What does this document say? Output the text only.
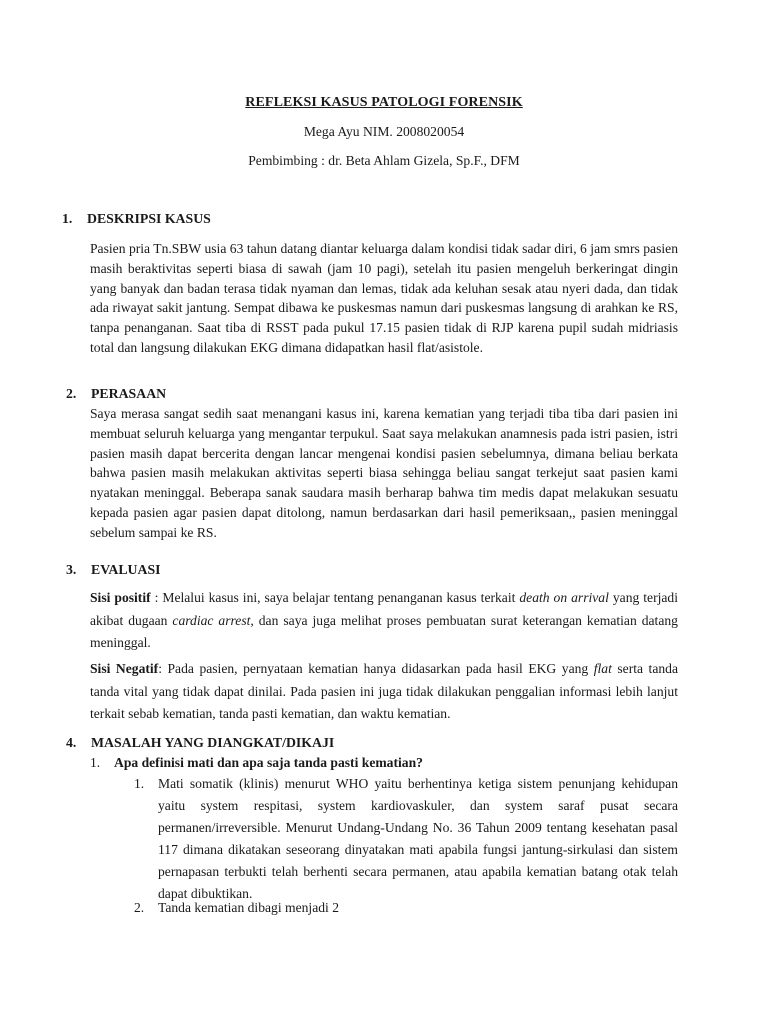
REFLEKSI KASUS PATOLOGI FORENSIK
Mega Ayu NIM. 2008020054
Pembimbing : dr. Beta Ahlam Gizela, Sp.F., DFM
1. DESKRIPSI KASUS
Pasien pria Tn.SBW usia 63 tahun datang diantar keluarga dalam kondisi tidak sadar diri, 6 jam smrs pasien masih beraktivitas seperti biasa di sawah (jam 10 pagi), setelah itu pasien mengeluh berkeringat dingin yang banyak dan badan terasa tidak nyaman dan lemas, tidak ada keluhan sesak atau nyeri dada, dan tidak ada riwayat sakit jantung. Sempat dibawa ke puskesmas namun dari puskesmas langsung di arahkan ke RS, tanpa penanganan. Saat tiba di RSST pada pukul 17.15 pasien tidak di RJP karena pupil sudah midriasis total dan langsung dilakukan EKG dimana didapatkan hasil flat/asistole.
2. PERASAAN
Saya merasa sangat sedih saat menangani kasus ini, karena kematian yang terjadi tiba tiba dari pasien ini membuat seluruh keluarga yang mengantar terpukul. Saat saya melakukan anamnesis pada istri pasien, istri pasien masih dapat bercerita dengan lancar mengenai kondisi pasien sebelumnya, dimana beliau berkata bahwa pasien masih melakukan aktivitas seperti biasa sehingga beliau sangat terkejut saat pasien kami nyatakan meninggal. Beberapa sanak saudara masih berharap bahwa tim medis dapat melakukan sesuatu kepada pasien agar pasien dapat ditolong, namun berdasarkan dari hasil pemeriksaan,, pasien meninggal sebelum sampai ke RS.
3. EVALUASI
Sisi positif : Melalui kasus ini, saya belajar tentang penanganan kasus terkait death on arrival yang terjadi akibat dugaan cardiac arrest, dan saya juga melihat proses pembuatan surat keterangan kematian datang meninggal.
Sisi Negatif: Pada pasien, pernyataan kematian hanya didasarkan pada hasil EKG yang flat serta tanda tanda vital yang tidak dapat dinilai. Pada pasien ini juga tidak dilakukan penggalian informasi lebih lanjut terkait sebab kematian, tanda pasti kematian, dan waktu kematian.
4. MASALAH YANG DIANGKAT/DIKAJI
1. Apa definisi mati dan apa saja tanda pasti kematian?
1. Mati somatik (klinis) menurut WHO yaitu berhentinya ketiga sistem penunjang kehidupan yaitu system respitasi, system kardiovaskuler, dan system saraf pusat secara permanen/irreversible. Menurut Undang-Undang No. 36 Tahun 2009 tentang kesehatan pasal 117 dimana dikatakan seseorang dinyatakan mati apabila fungsi jantung-sirkulasi dan sistem pernapasan terbukti telah berhenti secara permanen, atau apabila kematian batang otak telah dapat dibuktikan.
2. Tanda kematian dibagi menjadi 2
